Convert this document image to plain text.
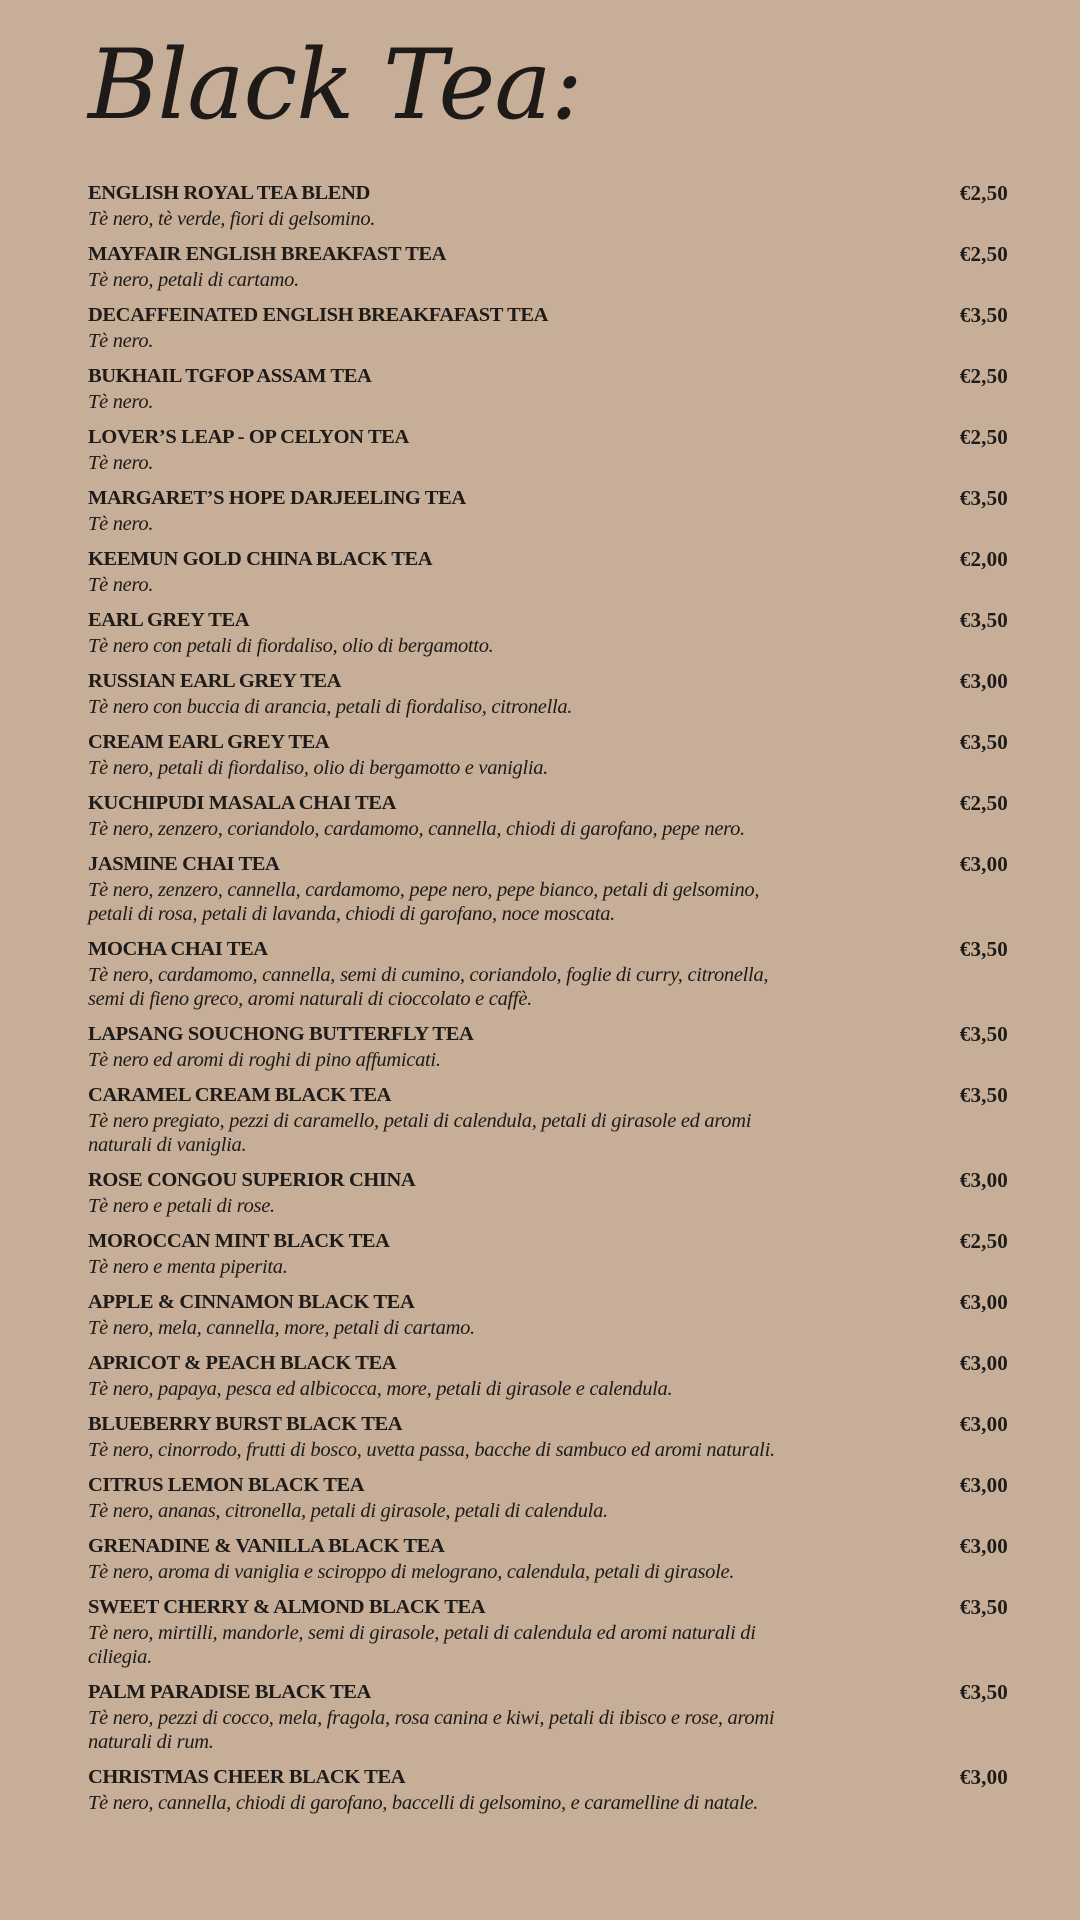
Black Tea:
ENGLISH ROYAL TEA BLEND	€2,50
Tè nero, tè verde, fiori di gelsomino.
MAYFAIR ENGLISH BREAKFAST TEA	€2,50
Tè nero, petali di cartamo.
DECAFFEINATED ENGLISH BREAKFAFAST TEA	€3,50
Tè nero.
BUKHAIL TGFOP ASSAM TEA	€2,50
Tè nero.
LOVER’S LEAP - OP CELYON TEA	€2,50
Tè nero.
MARGARET’S HOPE DARJEELING TEA	€3,50
Tè nero.
KEEMUN GOLD CHINA BLACK TEA	€2,00
Tè nero.
EARL GREY TEA	€3,50
Tè nero con petali di fiordaliso, olio di bergamotto.
RUSSIAN EARL GREY TEA	€3,00
Tè nero con buccia di arancia, petali di fiordaliso, citronella.
CREAM EARL GREY TEA	€3,50
Tè nero, petali di fiordaliso, olio di bergamotto e vaniglia.
KUCHIPUDI MASALA CHAI TEA	€2,50
Tè nero, zenzero, coriandolo, cardamomo, cannella, chiodi di garofano, pepe nero.
JASMINE CHAI TEA	€3,00
Tè nero, zenzero, cannella, cardamomo, pepe nero, pepe bianco, petali di gelsomino, petali di rosa, petali di lavanda, chiodi di garofano, noce moscata.
MOCHA CHAI TEA	€3,50
Tè nero, cardamomo, cannella, semi di cumino, coriandolo, foglie di curry, citronella, semi di fieno greco, aromi naturali di cioccolato e caffè.
LAPSANG SOUCHONG BUTTERFLY TEA	€3,50
Tè nero ed aromi di roghi di pino affumicati.
CARAMEL CREAM BLACK TEA	€3,50
Tè nero pregiato, pezzi di caramello, petali di calendula, petali di girasole ed aromi naturali di vaniglia.
ROSE CONGOU SUPERIOR CHINA	€3,00
Tè nero e petali di rose.
MOROCCAN MINT BLACK TEA	€2,50
Tè nero e menta piperita.
APPLE & CINNAMON BLACK TEA	€3,00
Tè nero, mela, cannella, more, petali di cartamo.
APRICOT & PEACH BLACK TEA	€3,00
Tè nero, papaya, pesca ed albicocca, more, petali di girasole e calendula.
BLUEBERRY BURST BLACK TEA	€3,00
Tè nero, cinorrodo, frutti di bosco, uvetta passa, bacche di sambuco ed aromi naturali.
CITRUS LEMON BLACK TEA	€3,00
Tè nero, ananas, citronella, petali di girasole, petali di calendula.
GRENADINE & VANILLA BLACK TEA	€3,00
Tè nero, aroma di vaniglia e sciroppo di melograno, calendula, petali di girasole.
SWEET CHERRY & ALMOND BLACK TEA	€3,50
Tè nero, mirtilli, mandorle, semi di girasole, petali di calendula ed aromi naturali di ciliegia.
PALM PARADISE BLACK TEA	€3,50
Tè nero, pezzi di cocco, mela, fragola, rosa canina e kiwi, petali di ibisco e rose, aromi naturali di rum.
CHRISTMAS CHEER BLACK TEA	€3,00
Tè nero, cannella, chiodi di garofano, baccelli di gelsomino, e caramelline di natale.
